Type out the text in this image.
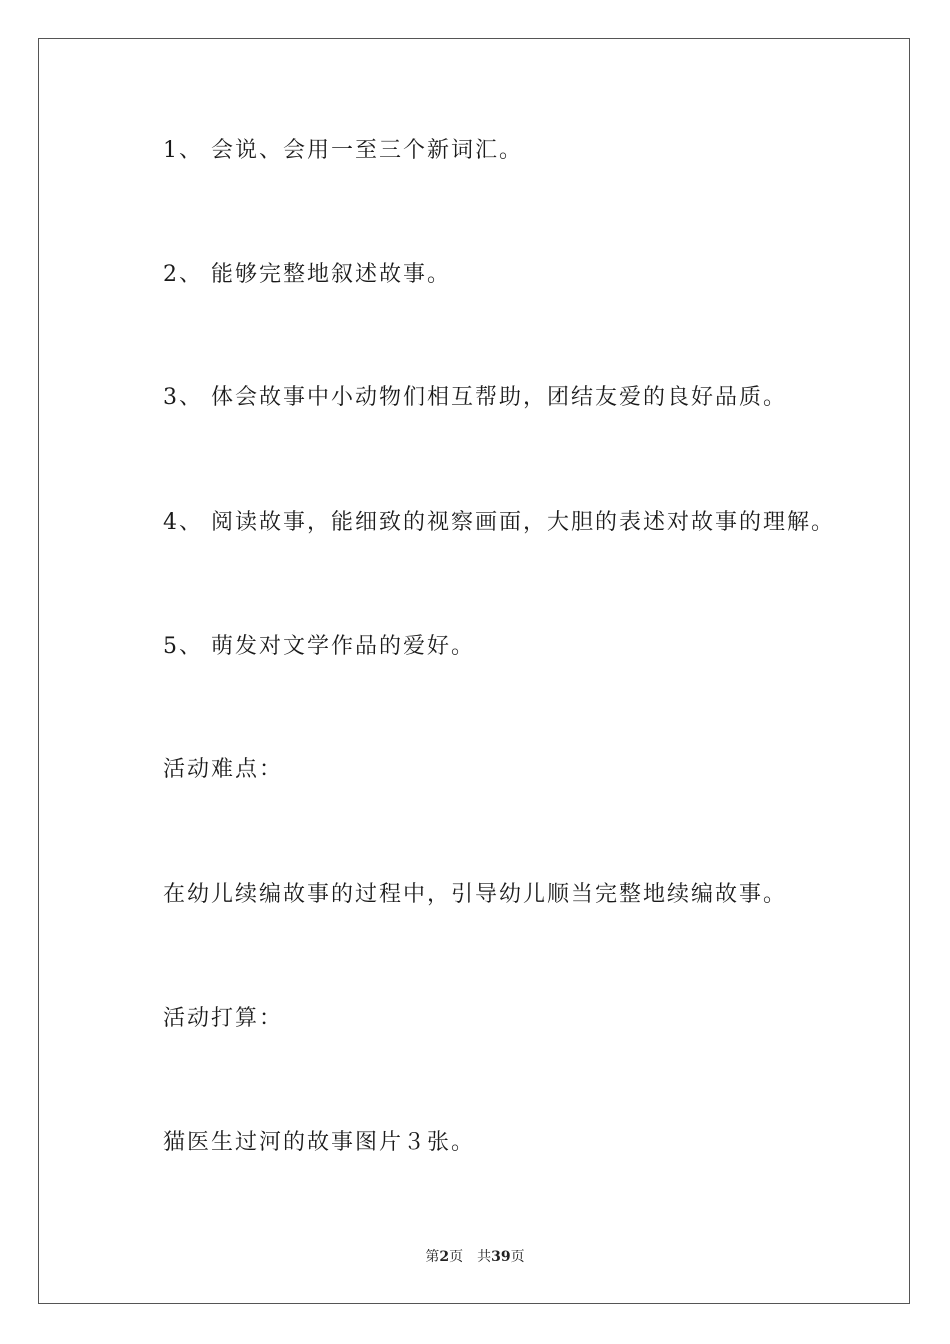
1、 会说、会用一至三个新词汇。
2、 能够完整地叙述故事。
3、 体会故事中小动物们相互帮助，团结友爱的良好品质。
4、 阅读故事，能细致的视察画面，大胆的表述对故事的理解。
5、 萌发对文学作品的爱好。
活动难点：
在幼儿续编故事的过程中，引导幼儿顺当完整地续编故事。
活动打算：
猫医生过河的故事图片３张。
第2页 共39页
